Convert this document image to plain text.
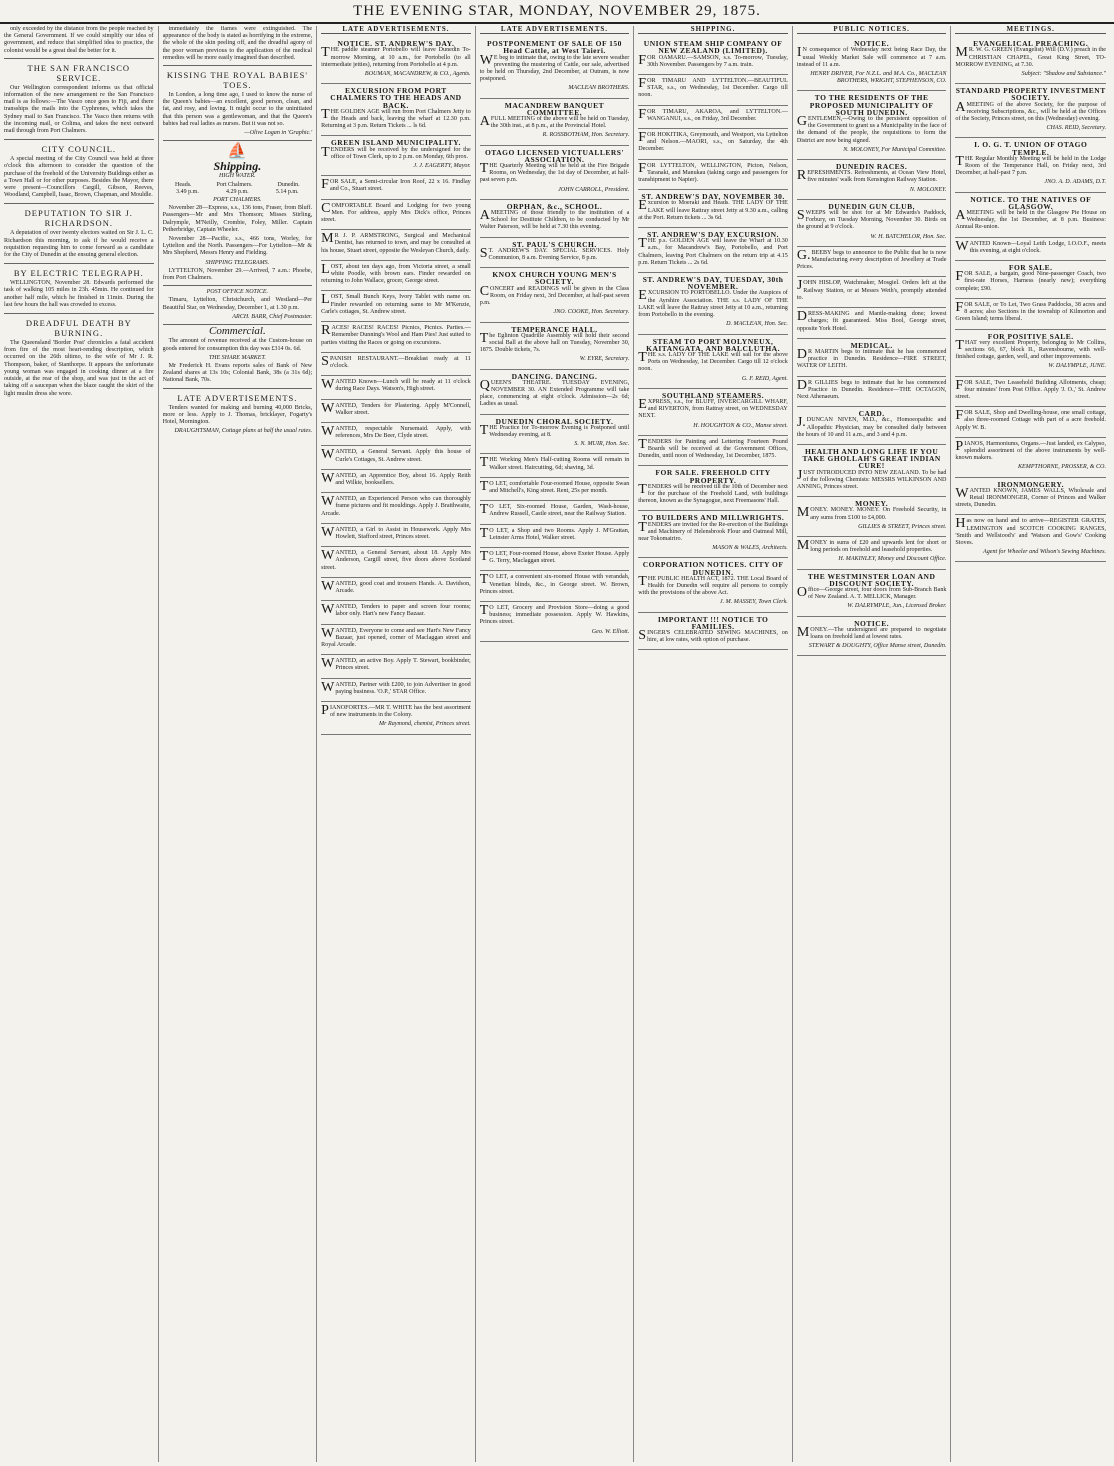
THE EVENING STAR, MONDAY, NOVEMBER 29, 1875.

only exceeded by the distance from the people reached by the General Government. If we could simplify our idea of government, and reduce that simplified idea to practice, the colonist would be a great deal the better for it.

THE SAN FRANCISCO SERVICE.

Our Wellington correspondent informs us that official information of the new arrangement re the San Francisco mail is as follows:—The Vasco once goes to Fiji, and there transships the mails into the Cyphrenes, which takes the Sydney mail to San Francisco. The Vasco then returns with the incoming mail, or Colima, and takes the next outward mail through from Port Chalmers.

CITY COUNCIL.

A special meeting of the City Council was held at three o'clock this afternoon to consider the question of the purchase of the freehold of the University Buildings either as a Town Hall or for other purposes. Besides the Mayor, there were present—Councillors Cargill, Gibson, Reeves, Woodland, Campbell, Isaac, Brown, Chapman, and Mouldle.

DEPUTATION TO SIR J. RICHARDSON.

A deputation of over twenty electors waited on Sir J. L. C. Richardson this morning, to ask if he would receive a requisition requesting him to come forward as a candidate for the City of Dunedin at the ensuing general election.

BY ELECTRIC TELEGRAPH.

WELLINGTON, November 28. Edwards performed the task of walking 105 miles in 23h. 45min. He continued for another half mile, which he finished in 11min. During the last few hours the hall was crowded to excess.

DREADFUL DEATH BY BURNING.

The Queensland 'Border Post' chronicles a fatal accident from fire of the most heart-rending description, which occurred on the 26th ultimo, to the wife of Mr J. R. Thompson, baker, of Stanthorpe. It appears the unfortunate young woman was engaged in cooking dinner at a fire outside, at the rear of the shop, and was just in the act of taking off a saucepan when the blaze caught the skirt of the light muslin dress she wore.

immediately the flames were extinguished. The appearance of the body is stated as horrifying in the extreme, the whole of the skin peeling off, and the dreadful agony of the poor woman previous to the application of the medical remedies will be more easily imagined than described.

KISSING THE ROYAL BABIES' TOES.

In London, a long time ago, I used to know the nurse of the Queen's babies—an excellent, good person, clean, and fat, and rosy, and loving. It might occur to the uninitiated that this person was a gentlewoman, and that the Queen's babies had real ladies as nurses. But it was not so.

—Olive Logan in 'Graphic.'

⛵
Shipping.
HIGH WATER.
Heads.	Port Chalmers.	Dunedin.
3.49 p.m.	4.29 p.m.	5.14 p.m.
PORT CHALMERS.

November 28—Express, s.s., 136 tons, Fraser, from Bluff. Passengers—Mr and Mrs Thomson; Misses Stirling, Dalrymple, M'Neilly, Crombie, Foley, Miller. Captain Petherbridge, Captain Wheeler.

November 28—Pacific, s.s., 466 tons, Worley, for Lyttelton and the North. Passengers—For Lyttelton—Mr & Mrs Shepherd, Messrs Henry and Fielding.

SHIPPING TELEGRAMS.

LYTTELTON, November 29.—Arrived, 7 a.m.: Phoebe, from Port Chalmers.

POST OFFICE NOTICE.

Timaru, Lyttelton, Christchurch, and Westland—Per Beautiful Star, on Wednesday, December 1, at 1.30 p.m.

ARCH. BARR, Chief Postmaster.

Commercial.

The amount of revenue received at the Custom-house on goods entered for consumption this day was £314 0s. 6d.

THE SHARE MARKET.

Mr Frederick H. Evans reports sales of Bank of New Zealand shares at 13s 10s; Colonial Bank, 38s (a 31s 6d); National Bank, 70s.

LATE ADVERTISEMENTS.

Tenders wanted for making and burning 40,000 Bricks, more or less. Apply to J. Thomas, bricklayer, Fogarty's Hotel, Mornington.

DRAUGHTSMAN, Cottage plans at half the usual rates.

LATE ADVERTISEMENTS.
NOTICE. ST. ANDREW'S DAY.

THE paddle steamer Portobello will leave Dunedin To-morrow Morning, at 10 a.m., for Portobello (to all intermediate jetties), returning from Portobello at 4 p.m.

BOUMAN, MACANDREW, & CO., Agents.

EXCURSION FROM PORT CHALMERS TO THE HEADS AND BACK.

THE GOLDEN AGE will run from Port Chalmers Jetty to the Heads and back, leaving the wharf at 12.30 p.m. Returning at 3 p.m. Return Tickets ... ls 6d.

GREEN ISLAND MUNICIPALITY.

TENDERS will be received by the undersigned for the office of Town Clerk, up to 2 p.m. on Monday, 6th prox.

J. J. EAGERTY, Mayor.

FOR SALE, a Semi-circular Iron Roof, 22 x 16. Findlay and Co., Stuart street.

COMFORTABLE Board and Lodging for two young Men. For address, apply Mrs Dick's office, Princes street.

MR J. P. ARMSTRONG, Surgical and Mechanical Dentist, has returned to town, and may be consulted at his house, Stuart street, opposite the Wesleyan Church, daily.

LOST, about ten days ago, from Victoria street, a small white Poodle, with brown ears. Finder rewarded on returning to John Wallace, grocer, George street.

LOST, Small Bunch Keys, Ivory Tablet with name on. Finder rewarded on returning same to Mr M'Kenzie, Carle's cottages, St. Andrew street.

RACES! RACES! RACES! Picnics, Picnics. Parties.—Remember Dunning's Wool and Ham Pies! Just suited to parties visiting the Races or going on excursions.

SPANISH RESTAURANT.—Breakfast ready at 11 o'clock.

WANTED Known—Lunch will be ready at 11 o'clock during Race Days. Watson's, High street.

WANTED, Tenders for Plastering. Apply M'Connell, Walker street.

WANTED, respectable Nursemaid. Apply, with references, Mrs De Beer, Clyde street.

WANTED, a General Servant. Apply this house of Curle's Cottages, St. Andrew street.

WANTED, an Apprentice Boy, about 16. Apply Reith and Wilkie, booksellers.

WANTED, an Experienced Person who can thoroughly frame pictures and fit mouldings. Apply J. Braithwaite, Arcade.

WANTED, a Girl to Assist in Housework. Apply Mrs Howlett, Stafford street, Princes street.

WANTED, a General Servant, about 18. Apply Mrs Anderson, Cargill street, five doors above Scotland street.

WANTED, good coat and trousers Hands. A. Davidson, Arcade.

WANTED, Tenders to paper and screen four rooms; labor only. Hart's new Fancy Bazaar.

WANTED, Everyone to come and see Hart's New Fancy Bazaar, just opened, corner of Maclaggan street and Royal Arcade.

WANTED, an active Boy. Apply T. Stewart, bookbinder, Princes street.

WANTED, Partner with £200, to join Advertiser in good paying business. 'O.P.,' STAR Office.

PIANOFORTES.—MR T. WHITE has the best assortment of new instruments in the Colony.

Mr Raymond, chemist, Princes street.

LATE ADVERTISEMENTS.
POSTPONEMENT OF SALE OF 150 Head Cattle, at West Taieri.

WE beg to intimate that, owing to the late severe weather preventing the mustering of Cattle, our sale, advertised to be held on Thursday, 2nd December, at Outram, is now postponed.

MACLEAN BROTHERS.

MACANDREW BANQUET COMMITTEE.

AFULL MEETING of the above will be held on Tuesday, the 30th inst., at 8 p.m., at the Provincial Hotel.

R. ROSSBOTHAM, Hon. Secretary.

OTAGO LICENSED VICTUALLERS' ASSOCIATION.

THE Quarterly Meeting will be held at the Fire Brigade Rooms, on Wednesday, the 1st day of December, at half-past seven p.m.

JOHN CARROLL, President.

ORPHAN, &c., SCHOOL.

AMEETING of those friendly to the institution of a School for Destitute Children, to be conducted by Mr Walter Paterson, will be held at 7.30 this evening.

ST. PAUL'S CHURCH.

ST. ANDREW'S DAY. SPECIAL SERVICES. Holy Communion, 8 a.m. Evening Service, 8 p.m.

KNOX CHURCH YOUNG MEN'S SOCIETY.

CONCERT and READINGS will be given in the Class Room, on Friday next, 3rd December, at half-past seven p.m.

JNO. COOKE, Hon. Secretary.

TEMPERANCE HALL.

The Eglinton Quadrille Assembly will hold their second social Ball at the above hall on Tuesday, November 30, 1875. Double tickets, 7s.

W. EYRE, Secretary.

DANCING. DANCING.

QUEEN'S THEATRE. TUESDAY EVENING, NOVEMBER 30. AN Extended Programme will take place, commencing at eight o'clock. Admission—2s 6d; Ladies as usual.

DUNEDIN CHORAL SOCIETY.

THE Practice for To-morrow Evening is Postponed until Wednesday evening, at 8.

S. N. MUIR, Hon. Sec.

THE Working Men's Half-cutting Rooms will remain in Walker street. Haircutting, 6d; shaving, 3d.

TO LET, comfortable Four-roomed House, opposite Swan and Mitchell's, King street. Rent, 25s per month.

TO LET, Six-roomed House, Garden, Wash-house, Andrew Russell, Castle street, near the Railway Station.

TO LET, a Shop and two Rooms. Apply J. M'Grattan, Leinster Arms Hotel, Walker street.

TO LET, Four-roomed House, above Exeter House. Apply G. Terry, Maclaggan street.

TO LET, a convenient six-roomed House with verandah, Venetian blinds, &c., in George street. W. Brown, Princes street.

TO LET, Grocery and Provision Store—doing a good business; immediate possession. Apply W. Hawkins, Princes street.

Geo. W. Elliott.

SHIPPING.
UNION STEAM SHIP COMPANY OF NEW ZEALAND (LIMITED).

FOR OAMARU.—SAMSON, s.s. To-morrow, Tuesday, 30th November. Passengers by 7 a.m. train.

FOR TIMARU AND LYTTELTON.—BEAUTIFUL STAR, s.s., on Wednesday, 1st December. Cargo till noon.

FOR TIMARU, AKAROA, and LYTTELTON.—WANGANUI, s.s., on Friday, 3rd December.

FOR HOKITIKA, Greymouth, and Westport, via Lyttelton and Nelson.—MAORI, s.s., on Saturday, the 4th December.

FOR LYTTELTON, WELLINGTON, Picton, Nelson, Taranaki, and Manukau (taking cargo and passengers for transhipment to Napier).

ST. ANDREW'S DAY, NOVEMBER 30.

Excursion to Moeraki and Heads. THE LADY OF THE LAKE will leave Rattray street Jetty at 9.30 a.m., calling at the Port. Return tickets ... 3s 6d.

ST. ANDREW'S DAY EXCURSION.

THE p.s. GOLDEN AGE will leave the Wharf at 10.30 a.m., for Macandrew's Bay, Portobello, and Port Chalmers, leaving Port Chalmers on the return trip at 4.15 p.m. Return Tickets ... 2s 6d.

ST. ANDREW'S DAY, TUESDAY, 30th NOVEMBER.

EXCURSION TO PORTOBELLO. Under the Auspices of the Ayrshire Association. THE s.s. LADY OF THE LAKE will leave the Rattray street Jetty at 10 a.m., returning from Portobello in the evening.

D. MACLEAN, Hon. Sec.

STEAM TO PORT MOLYNEUX, KAITANGATA, AND BALCLUTHA.

THE s.s. LADY OF THE LAKE will sail for the above Ports on Wednesday, 1st December. Cargo till 12 o'clock noon.

G. F. REID, Agent.

SOUTHLAND STEAMERS.

EXPRESS, s.s., for BLUFF, INVERCARGILL WHARF, and RIVERTON, from Rattray street, on WEDNESDAY NEXT.

H. HOUGHTON & CO., Manse street.

TENDERS for Painting and Lettering Fourteen Pound Boards will be received at the Government Offices, Dunedin, until noon of Wednesday, 1st December, 1875.

FOR SALE. FREEHOLD CITY PROPERTY.

TENDERS will be received till the 10th of December next for the purchase of the Freehold Land, with buildings thereon, known as the Synagogue, next Freemasons' Hall.

TO BUILDERS AND MILLWRIGHTS.

TENDERS are invited for the Re-erection of the Buildings and Machinery of Helensbrook Flour and Oatmeal Mill, near Tokomairiro.

MASON & WALES, Architects.

CORPORATION NOTICES. CITY OF DUNEDIN.

THE PUBLIC HEALTH ACT, 1872. THE Local Board of Health for Dunedin will require all persons to comply with the provisions of the above Act.

J. M. MASSEY, Town Clerk.

IMPORTANT !!! NOTICE TO FAMILIES.

SINGER'S CELEBRATED SEWING MACHINES, on hire, at low rates, with option of purchase.

PUBLIC NOTICES.
NOTICE.

IN consequence of Wednesday next being Race Day, the usual Weekly Market Sale will commence at 7 a.m. instead of 11 a.m.

HENRY DRIVER, For N.Z.L. and M.A. Co., MACLEAN BROTHERS, WRIGHT, STEPHENSON, CO.

TO THE RESIDENTS OF THE PROPOSED MUNICIPALITY OF SOUTH DUNEDIN.

GENTLEMEN,—Owing to the persistent opposition of the Government to grant us a Municipality in the face of the demand of the people, the requisitions to form the District are now being signed.

N. MOLONEY, For Municipal Committee.

DUNEDIN RACES.

REFRESHMENTS. Refreshments, at Ocean View Hotel, five minutes' walk from Kensington Railway Station.

N. MOLONEY.

DUNEDIN GUN CLUB.

SWEEPS will be shot for at Mr Edwards's Paddock, Forbury, on Tuesday Morning, November 30. Birds on the ground at 9 o'clock.

W. H. BATCHELOR, Hon. Sec.

G.BEEBY begs to announce to the Public that he is now Manufacturing every description of Jewellery at Trade Prices.

JOHN HISLOP, Watchmaker, Mosgiel. Orders left at the Railway Station, or at Messrs Weth's, promptly attended to.

DRESS-MAKING and Mantle-making done; lowest charges; fit guaranteed. Miss Bool, George street, opposite York Hotel.

MEDICAL.

DR MARTIN begs to intimate that he has commenced practice in Dunedin. Residence—FIRE STREET, WATER OF LEITH.

DR GILLIES begs to intimate that he has commenced Practice in Dunedin. Residence—THE OCTAGON, Next Athenaeum.

CARD.

J.DUNCAN NIVEN, M.D., &c., Homoeopathic and Allopathic Physician, may be consulted daily between the hours of 10 and 11 a.m., and 3 and 4 p.m.

HEALTH AND LONG LIFE IF YOU TAKE GHOLLAH'S GREAT INDIAN CURE!

JUST INTRODUCED INTO NEW ZEALAND. To be had of the following Chemists: MESSRS WILKINSON AND ANNING, Princes street.

MONEY.

MONEY. MONEY. MONEY. On Freehold Security, in any sums from £100 to £4,000.

GILLIES & STREET, Princes street.

MONEY in sums of £20 and upwards lent for short or long periods on freehold and leasehold properties.

H. MAKINLEY, Money and Discount Office.

THE WESTMINSTER LOAN AND DISCOUNT SOCIETY.

Office—George street, four doors from Sub-Branch Bank of New Zealand. A. T. MELLICK, Manager.

W. DALRYMPLE, Jun., Licensed Broker.

NOTICE.

MONEY.—The undersigned are prepared to negotiate loans on freehold land at lowest rates.

STEWART & DOUGHTY, Office Manse street, Dunedin.

MEETINGS.
EVANGELICAL PREACHING.

MR. W. G. GREEN (Evangelist) Will (D.V.) preach in the CHRISTIAN CHAPEL, Great King Street, TO-MORROW EVENING, at 7.30.

Subject: "Shadow and Substance."

STANDARD PROPERTY INVESTMENT SOCIETY.

AMEETING of the above Society, for the purpose of receiving Subscriptions, &c., will be held at the Offices of the Society, Princes street, on this (Wednesday) evening.

CHAS. REID, Secretary.

I. O. G. T. UNION OF OTAGO TEMPLE.

THE Regular Monthly Meeting will be held in the Lodge Room of the Temperance Hall, on Friday next, 3rd December, at half-past 7 p.m.

JNO. A. D. ADAMS, D.T.

NOTICE. TO THE NATIVES OF GLASGOW.

AMEETING will be held in the Glasgow Pie House on Wednesday, the 1st December, at 8 p.m. Business: Annual Re-union.

WANTED Known—Loyal Leith Lodge, I.O.O.F., meets this evening, at eight o'clock.

FOR SALE.

FOR SALE, a bargain, good Nine-passenger Coach, two first-rate Horses, Harness (nearly new); everything complete; £90.

FOR SALE, or To Let, Two Grass Paddocks, 38 acres and 8 acres; also Sections in the township of Kilmorton and Green Island; terms liberal.

FOR POSITIVE SALE.

THAT very excellent Property, belonging to Mr Collins, sections 66, 67, block II., Ravensbourne, with well-finished cottage, garden, well, and other improvements.

W. DALYMPLE, JUNE.

FOR SALE, Two Leasehold Building Allotments, cheap; four minutes' from Post Office. Apply 'J. O.,' St. Andrew street.

FOR SALE, Shop and Dwelling-house, one small cottage, also three-roomed Cottage with part of a acre freehold. Apply W. B.

PIANOS, Harmoniums, Organs.—Just landed, ex Calypso, splendid assortment of the above instruments by well-known makers.

KEMPTHORNE, PROSSER, & CO.

IRONMONGERY.

WANTED KNOWN, JAMES WALLS, Wholesale and Retail IRONMONGER, Corner of Princes and Walker streets, Dunedin.

Has now on hand and to arrive—REGISTER GRATES, LEMINGTON and SCOTCH COOKING RANGES, 'Smith and Wellstood's' and 'Watson and Gow's' Cooking Stoves.

Agent for Wheeler and Wilson's Sewing Machines.
